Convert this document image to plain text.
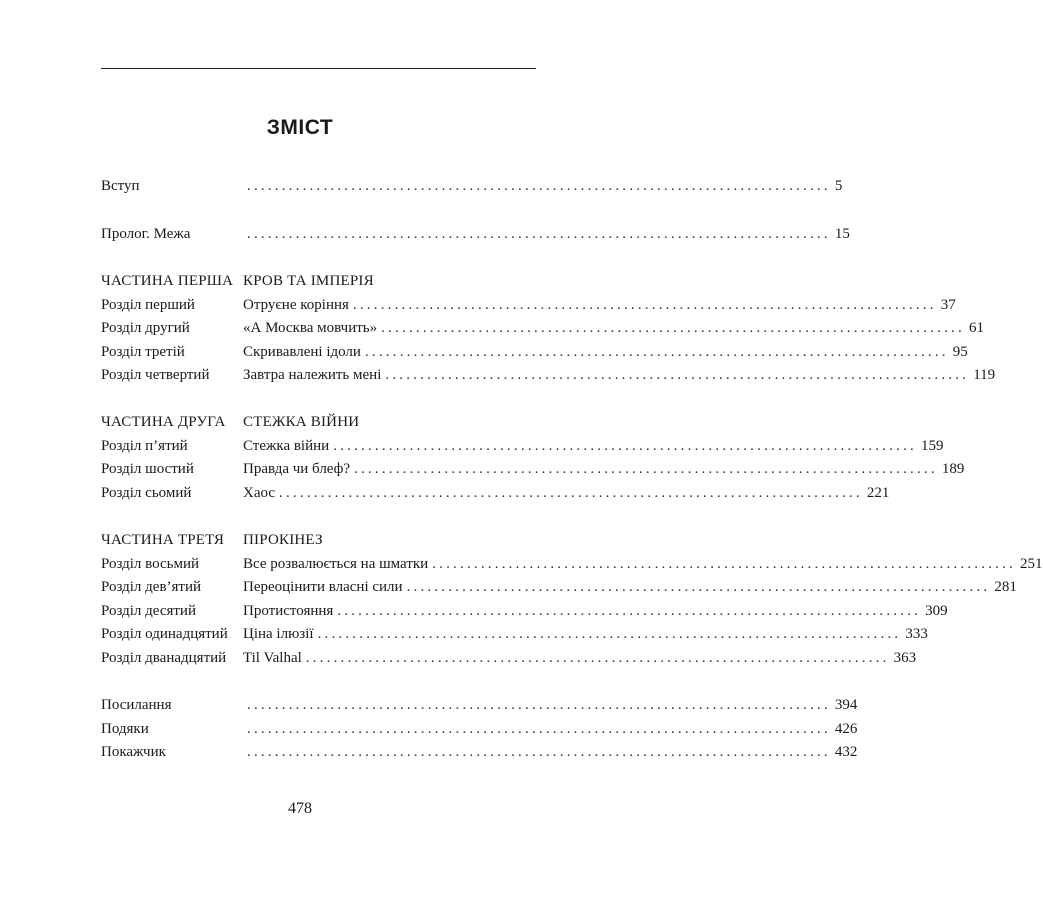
ЗМІСТ
Вступ	.................................................................................... 5
Пролог. Межа	.................................................................................... 15
ЧАСТИНА ПЕРША КРОВ ТА ІМПЕРІЯ
Розділ перший	Отруєне коріння .................................................................................... 37
Розділ другий	«А Москва мовчить» .................................................................................... 61
Розділ третій	Скривавлені ідоли .................................................................................... 95
Розділ четвертий Завтра належить мені .................................................................................... 119
ЧАСТИНА ДРУГА СТЕЖКА ВІЙНИ
Розділ п’ятий	Стежка війни .................................................................................... 159
Розділ шостий	Правда чи блеф? .................................................................................... 189
Розділ сьомий	Хаос .................................................................................... 221
ЧАСТИНА ТРЕТЯ ПІРОКІНЕЗ
Розділ восьмий	Все розвалюється на шматки .................................................................................... 251
Розділ дев’ятий	Переоцінити власні сили .................................................................................... 281
Розділ десятий	Протистояння .................................................................................... 309
Розділ одинадцятий Ціна ілюзії .................................................................................... 333
Розділ дванадцятий Til Valhal .................................................................................... 363
Посилання	.................................................................................... 394
Подяки	.................................................................................... 426
Покажчик	.................................................................................... 432
478
